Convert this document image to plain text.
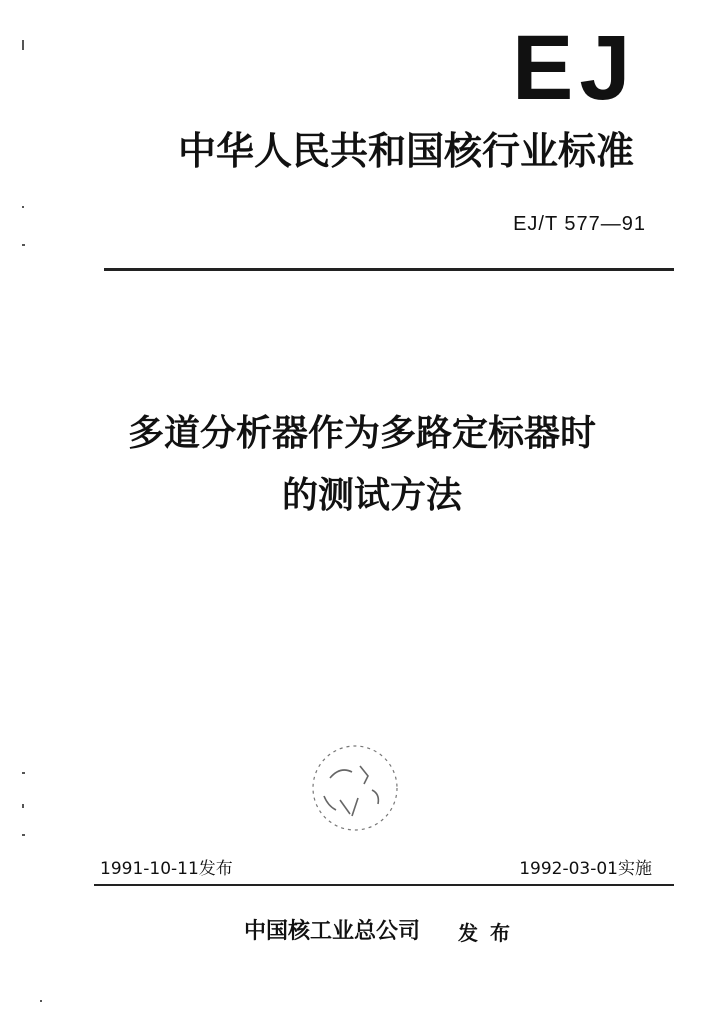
EJ
中华人民共和国核行业标准
EJ/T 577—91
多道分析器作为多路定标器时
的测试方法
1991-10-11发布	1992-03-01实施
中国核工业总公司 发布
